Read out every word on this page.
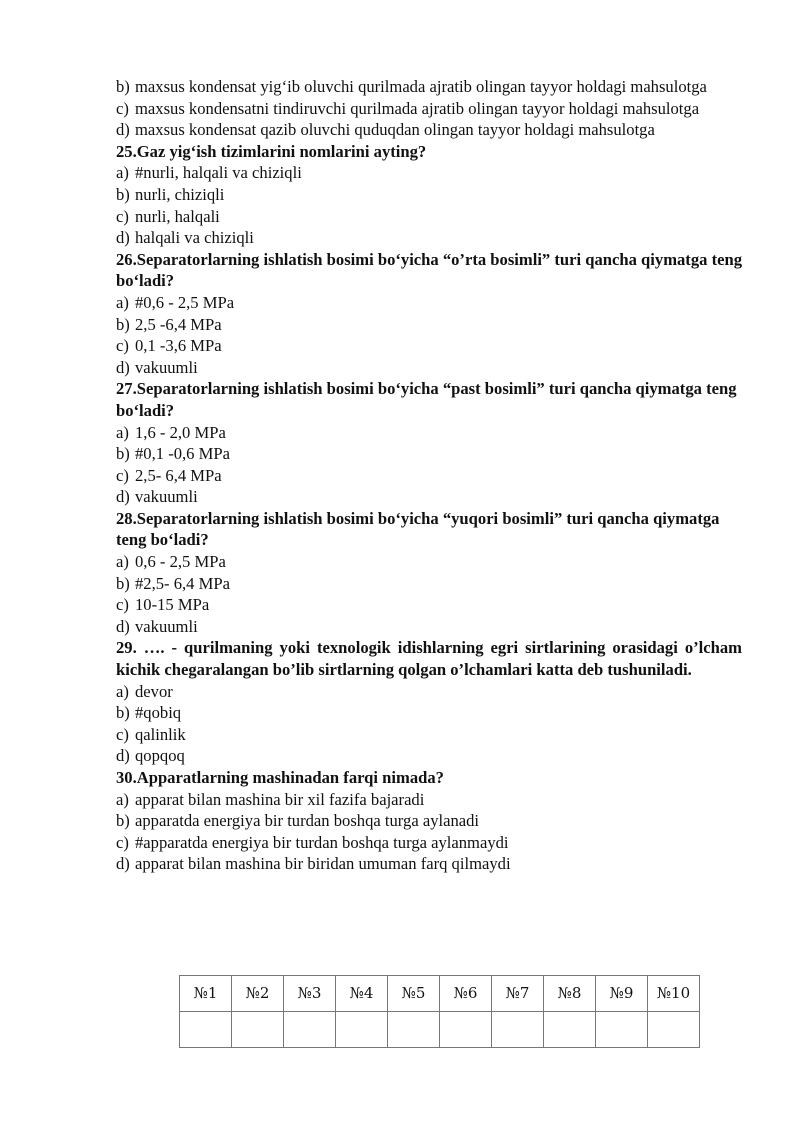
b) maxsus kondensat yig‘ib oluvchi qurilmada ajratib olingan tayyor holdagi mahsulotga
c) maxsus kondensatni tindiruvchi qurilmada ajratib olingan tayyor holdagi mahsulotga
d) maxsus kondensat qazib oluvchi quduqdan olingan tayyor holdagi mahsulotga
25.Gaz yig‘ish tizimlarini nomlarini ayting?
a) #nurli, halqali va chiziqli
b) nurli, chiziqli
c) nurli, halqali
d) halqali va chiziqli
26.Separatorlarning ishlatish bosimi bo‘yicha “o’rta bosimli” turi qancha qiymatga teng bo‘ladi?
a) #0,6 - 2,5 MPa
b) 2,5 -6,4 MPa
c) 0,1 -3,6 MPa
d) vakuumli
27.Separatorlarning ishlatish bosimi bo‘yicha “past bosimli” turi qancha qiymatga teng bo‘ladi?
a) 1,6 - 2,0 MPa
b) #0,1 -0,6 MPa
c) 2,5- 6,4 MPa
d) vakuumli
28.Separatorlarning ishlatish bosimi bo‘yicha “yuqori bosimli” turi qancha qiymatga teng bo‘ladi?
a) 0,6 - 2,5 MPa
b) #2,5- 6,4 MPa
c) 10-15 MPa
d) vakuumli
29. …. - qurilmaning yoki texnologik idishlarning egri sirtlarining orasidagi o’lcham kichik chegaralangan bo’lib sirtlarning qolgan o’lchamlari katta deb tushuniladi.
a) devor
b) #qobiq
c) qalinlik
d) qopqoq
30.Apparatlarning mashinadan farqi nimada?
a) apparat bilan mashina bir xil fazifa bajaradi
b) apparatda energiya bir turdan boshqa turga aylanadi
c) #apparatda energiya bir turdan boshqa turga aylanmaydi
d) apparat bilan mashina bir biridan umuman farq qilmaydi
№1	№2	№3	№4	№5	№6	№7	№8	№9	№10
